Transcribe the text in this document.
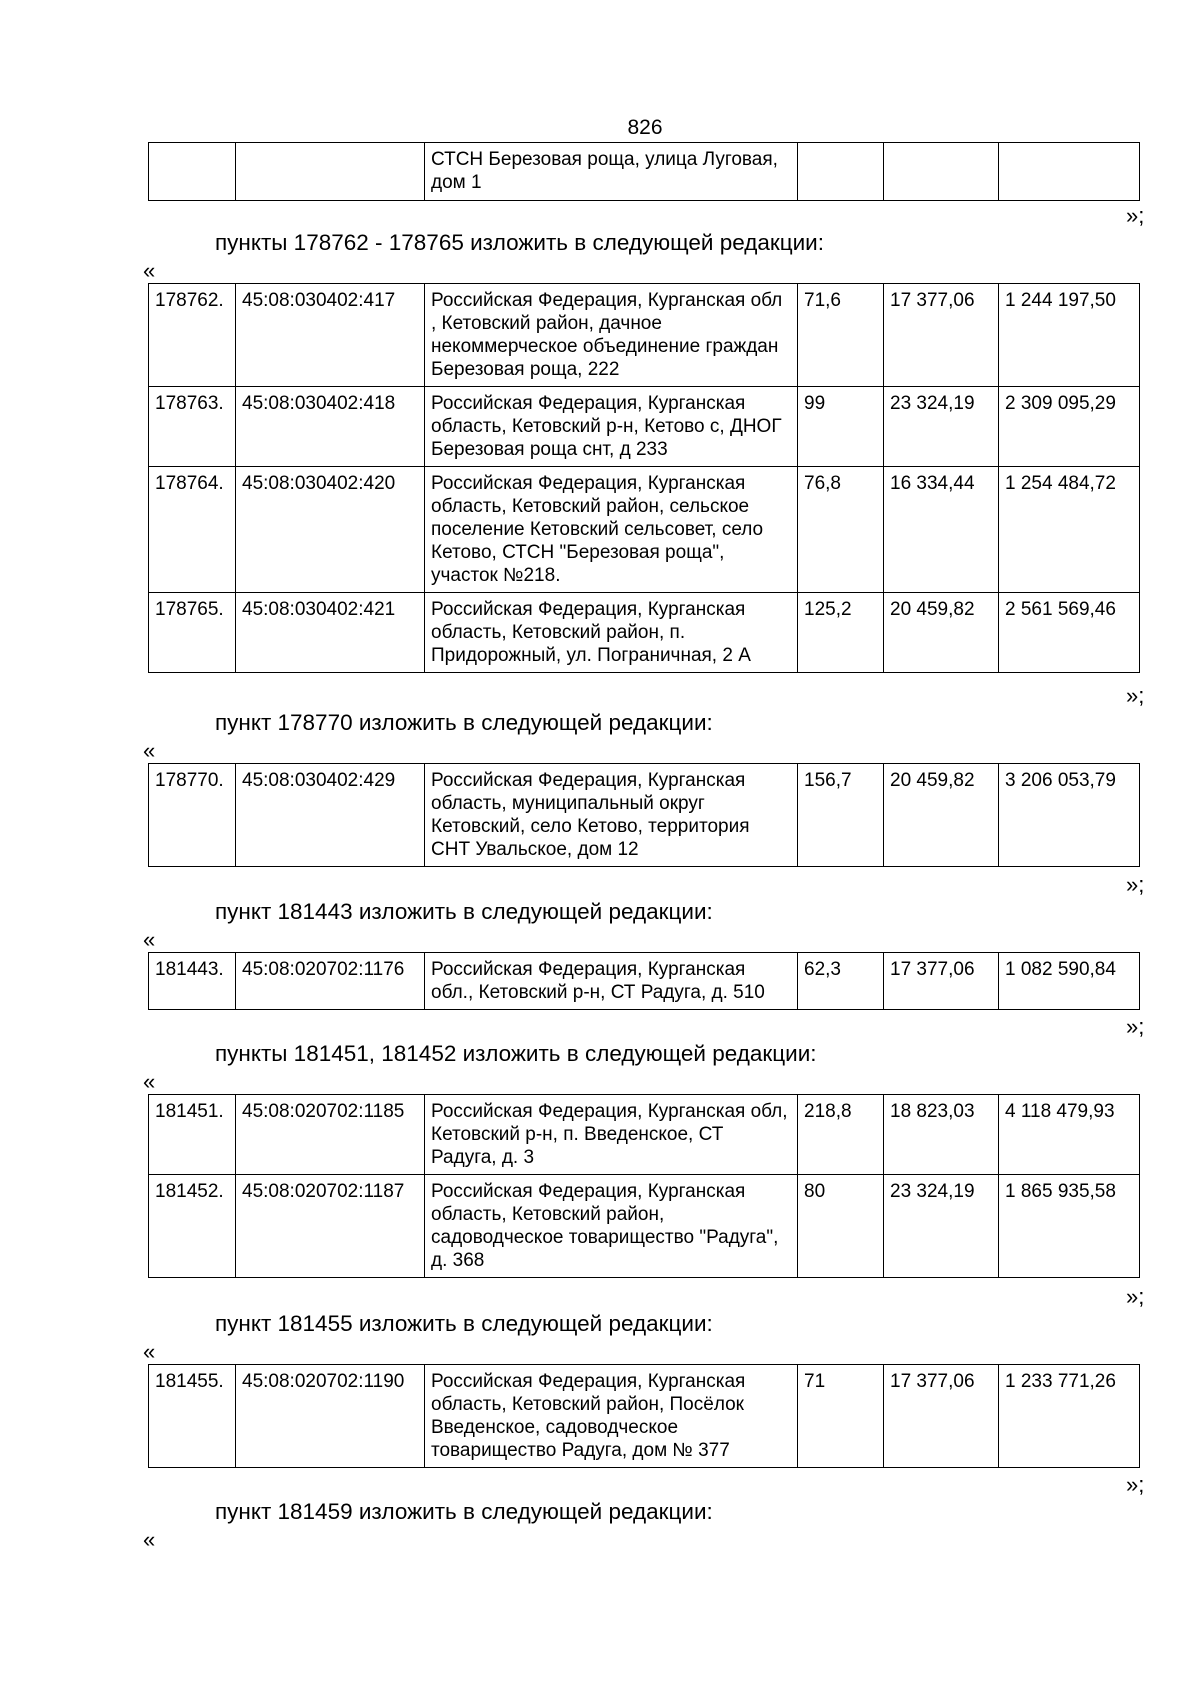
826
		СТСН Березовая роща, улица Луговая, дом 1			
»;
пункты 178762 - 178765 изложить в следующей редакции:
«
178762.	45:08:030402:417	Российская Федерация, Курганская обл , Кетовский район, дачное некоммерческое объединение граждан Березовая роща, 222	71,6	17 377,06	1 244 197,50
178763.	45:08:030402:418	Российская Федерация, Курганская область, Кетовский р-н, Кетово с, ДНОГ Березовая роща снт, д 233	99	23 324,19	2 309 095,29
178764.	45:08:030402:420	Российская Федерация, Курганская область, Кетовский район, сельское поселение Кетовский сельсовет, село Кетово, СТСН "Березовая роща", участок №218.	76,8	16 334,44	1 254 484,72
178765.	45:08:030402:421	Российская Федерация, Курганская область, Кетовский район, п. Придорожный, ул. Пограничная, 2 А	125,2	20 459,82	2 561 569,46
»;
пункт 178770 изложить в следующей редакции:
«
178770.	45:08:030402:429	Российская Федерация, Курганская область, муниципальный округ Кетовский, село Кетово, территория СНТ Увальское, дом 12	156,7	20 459,82	3 206 053,79
»;
пункт 181443 изложить в следующей редакции:
«
181443.	45:08:020702:1176	Российская Федерация, Курганская обл., Кетовский р-н, СТ Радуга, д. 510	62,3	17 377,06	1 082 590,84
»;
пункты 181451, 181452 изложить в следующей редакции:
«
181451.	45:08:020702:1185	Российская Федерация, Курганская обл, Кетовский р-н, п. Введенское, СТ Радуга, д. 3	218,8	18 823,03	4 118 479,93
181452.	45:08:020702:1187	Российская Федерация, Курганская область, Кетовский район, садоводческое товарищество "Радуга", д. 368	80	23 324,19	1 865 935,58
»;
пункт 181455 изложить в следующей редакции:
«
181455.	45:08:020702:1190	Российская Федерация, Курганская область, Кетовский район, Посёлок Введенское, садоводческое товарищество Радуга, дом № 377	71	17 377,06	1 233 771,26
»;
пункт 181459 изложить в следующей редакции:
«
